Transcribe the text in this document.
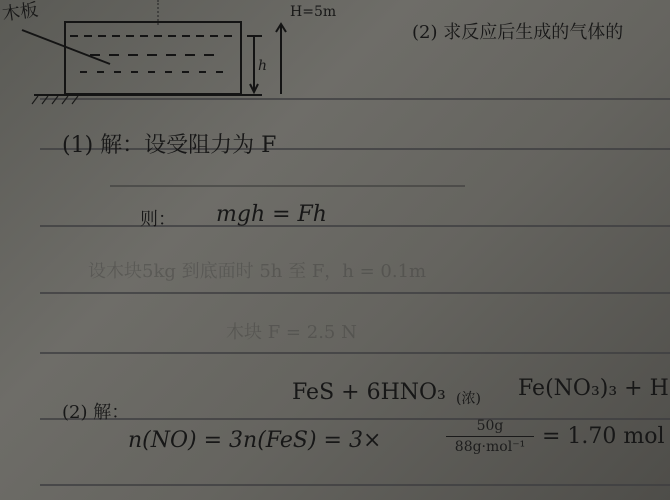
木板	H=5m
h
(2) 求反应后生成的气体的
(1) 解：设受阻力为 F
则： mgh = Fh
设木块5kg 到底面时 5h 至 F，h = 0.1m
木块 F = 2.5 N
(2) 解：
FeS + 6HNO₃ (浓) Fe(NO₃)₃ + H
n(NO) = 3n(FeS) = 3×
50g
88g·mol⁻¹ = 1.70 mol
